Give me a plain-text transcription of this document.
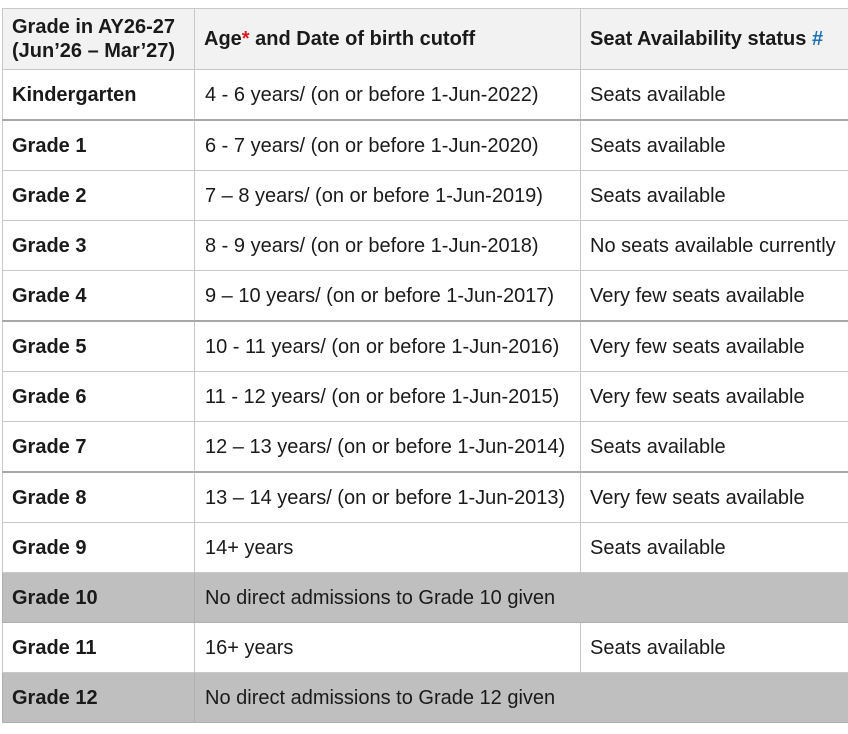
Grade in AY26-27 (Jun’26 – Mar’27)	Age* and Date of birth cutoff	Seat Availability status #
Kindergarten	4 - 6 years/ (on or before 1-Jun-2022)	Seats available
Grade 1	6 - 7 years/ (on or before 1-Jun-2020)	Seats available
Grade 2	7 – 8 years/ (on or before 1-Jun-2019)	Seats available
Grade 3	8 - 9 years/ (on or before 1-Jun-2018)	No seats available currently
Grade 4	9 – 10 years/ (on or before 1-Jun-2017)	Very few seats available
Grade 5	10 - 11 years/ (on or before 1-Jun-2016)	Very few seats available
Grade 6	11 - 12 years/ (on or before 1-Jun-2015)	Very few seats available
Grade 7	12 – 13 years/ (on or before 1-Jun-2014)	Seats available
Grade 8	13 – 14 years/ (on or before 1-Jun-2013)	Very few seats available
Grade 9	14+ years	Seats available
Grade 10	No direct admissions to Grade 10 given	
Grade 11	16+ years	Seats available
Grade 12	No direct admissions to Grade 12 given	
